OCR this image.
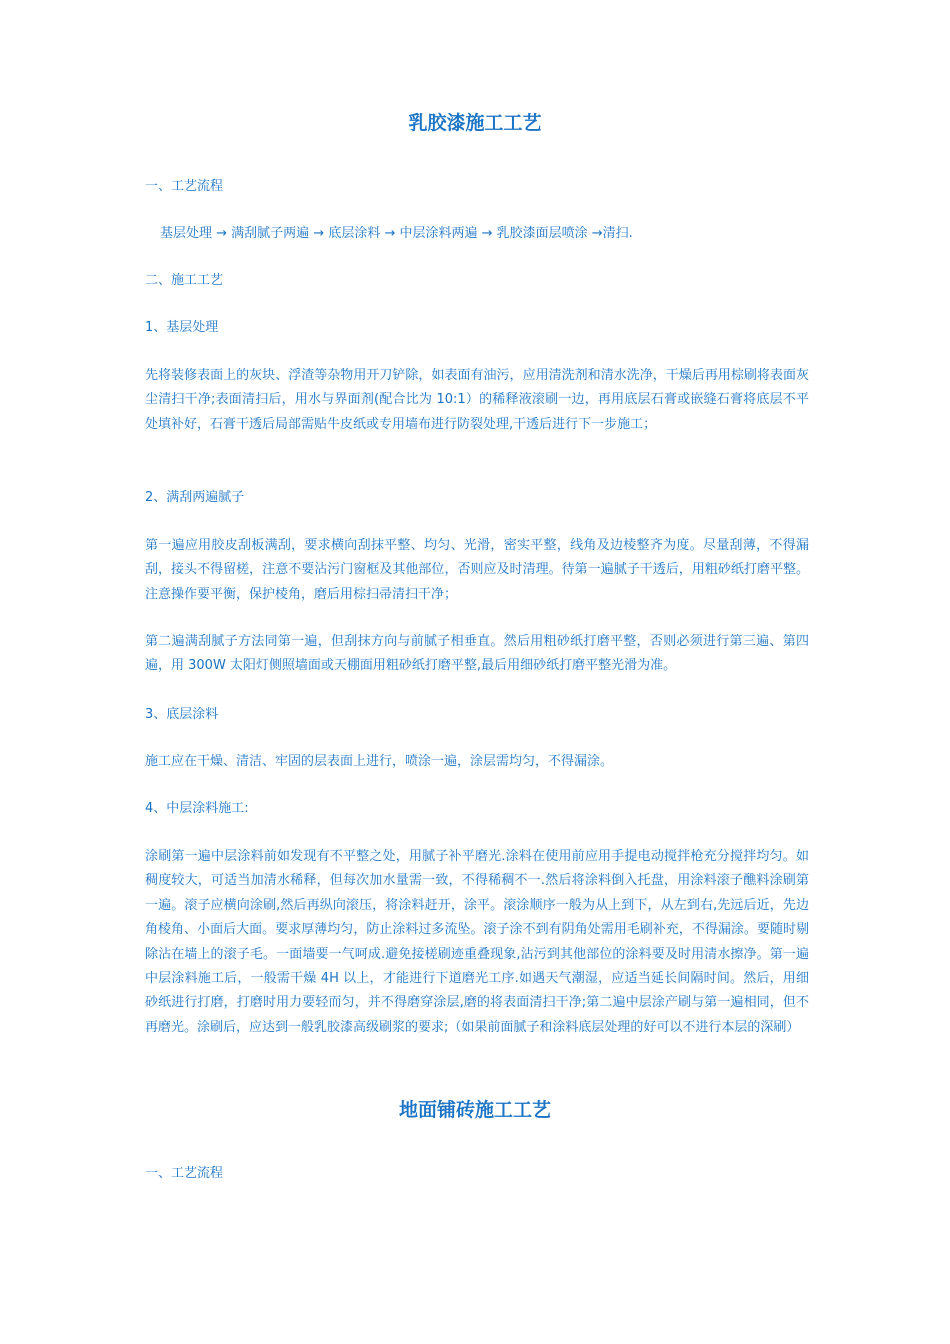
乳胶漆施工工艺

一、工艺流程

基层处理 → 满刮腻子两遍 → 底层涂料 → 中层涂料两遍 → 乳胶漆面层喷涂 →清扫.

二、施工工艺

1、基层处理

先将装修表面上的灰块、浮渣等杂物用开刀铲除，如表面有油污，应用清洗剂和清水洗净，干燥后再用棕刷将表面灰尘清扫干净;表面清扫后，用水与界面剂(配合比为 10:1）的稀释液滚刷一边，再用底层石膏或嵌缝石膏将底层不平处填补好，石膏干透后局部需贴牛皮纸或专用墙布进行防裂处理,干透后进行下一步施工；

2、满刮两遍腻子

第一遍应用胶皮刮板满刮，要求横向刮抹平整、均匀、光滑，密实平整，线角及边棱整齐为度。尽量刮薄，不得漏刮，接头不得留槎，注意不要沾污门窗框及其他部位，否则应及时清理。待第一遍腻子干透后，用粗砂纸打磨平整。注意操作要平衡，保护棱角，磨后用棕扫帚清扫干净；

第二遍满刮腻子方法同第一遍，但刮抹方向与前腻子相垂直。然后用粗砂纸打磨平整，否则必须进行第三遍、第四遍，用 300W 太阳灯侧照墙面或天棚面用粗砂纸打磨平整,最后用细砂纸打磨平整光滑为准。

3、底层涂料

施工应在干燥、清洁、牢固的层表面上进行，喷涂一遍，涂层需均匀，不得漏涂。

4、中层涂料施工:

涂刷第一遍中层涂料前如发现有不平整之处，用腻子补平磨光.涂料在使用前应用手提电动搅拌枪充分搅拌均匀。如稠度较大，可适当加清水稀释，但每次加水量需一致，不得稀稠不一.然后将涂料倒入托盘，用涂料滚子醮料涂刷第一遍。滚子应横向涂刷,然后再纵向滚压，将涂料赶开，涂平。滚涂顺序一般为从上到下，从左到右,先远后近，先边角棱角、小面后大面。要求厚薄均匀，防止涂料过多流坠。滚子涂不到有阴角处需用毛刷补充，不得漏涂。要随时剔除沾在墙上的滚子毛。一面墙要一气呵成.避免接槎刷迹重叠现象,沾污到其他部位的涂料要及时用清水擦净。第一遍中层涂料施工后，一般需干燥 4H 以上，才能进行下道磨光工序.如遇天气潮湿，应适当延长间隔时间。然后，用细砂纸进行打磨，打磨时用力要轻而匀，并不得磨穿涂层,磨的将表面清扫干净;第二遍中层涂产刷与第一遍相同，但不再磨光。涂刷后，应达到一般乳胶漆高级刷浆的要求;（如果前面腻子和涂料底层处理的好可以不进行本层的深刷）

地面铺砖施工工艺

一、工艺流程
